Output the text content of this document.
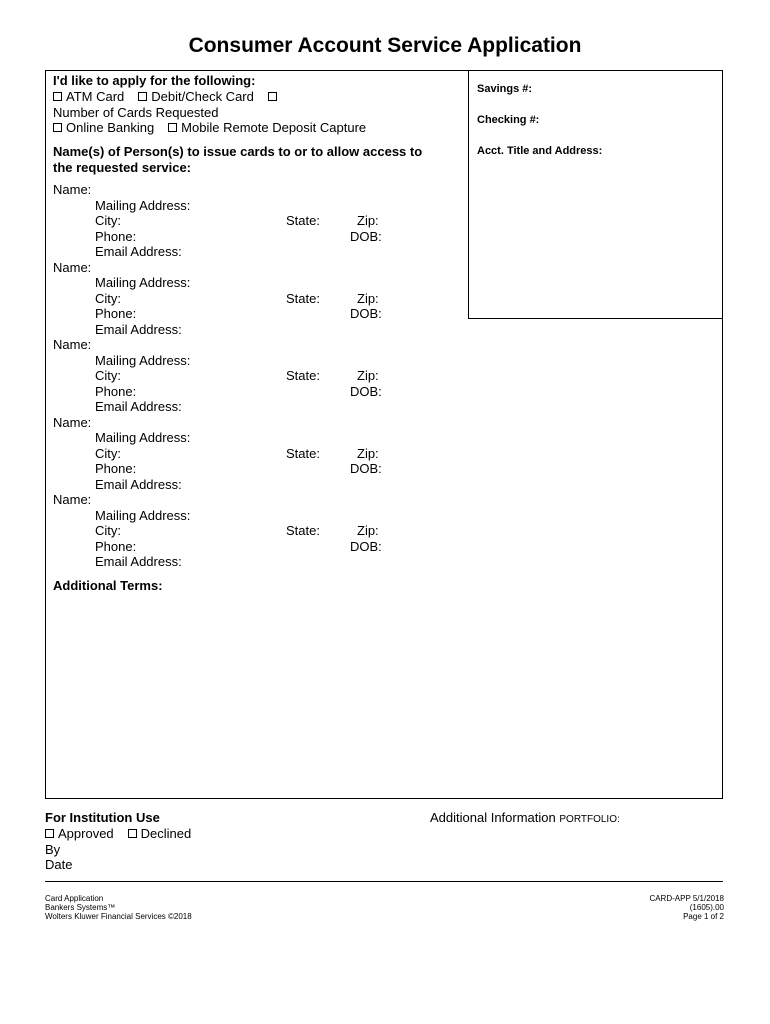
Consumer Account Service Application
Savings #:
Checking #:
Acct. Title and Address:
I'd like to apply for the following:
ATM Card Debit/Check Card
Number of Cards Requested
Online Banking Mobile Remote Deposit Capture
Name(s) of Person(s) to issue cards to or to allow access to the requested service:
Name:
Mailing Address:
City:	State:	Zip:
Phone:	DOB:
Email Address:
Name:
Mailing Address:
City:	State:	Zip:
Phone:	DOB:
Email Address:
Name:
Mailing Address:
City:	State:	Zip:
Phone:	DOB:
Email Address:
Name:
Mailing Address:
City:	State:	Zip:
Phone:	DOB:
Email Address:
Name:
Mailing Address:
City:	State:	Zip:
Phone:	DOB:
Email Address:
Additional Terms:
For Institution Use
Approved Declined
By
Date
Additional Information PORTFOLIO:
Card Application
Bankers Systems™
Wolters Kluwer Financial Services ©2018
CARD-APP 5/1/2018
(1605).00
Page 1 of 2
